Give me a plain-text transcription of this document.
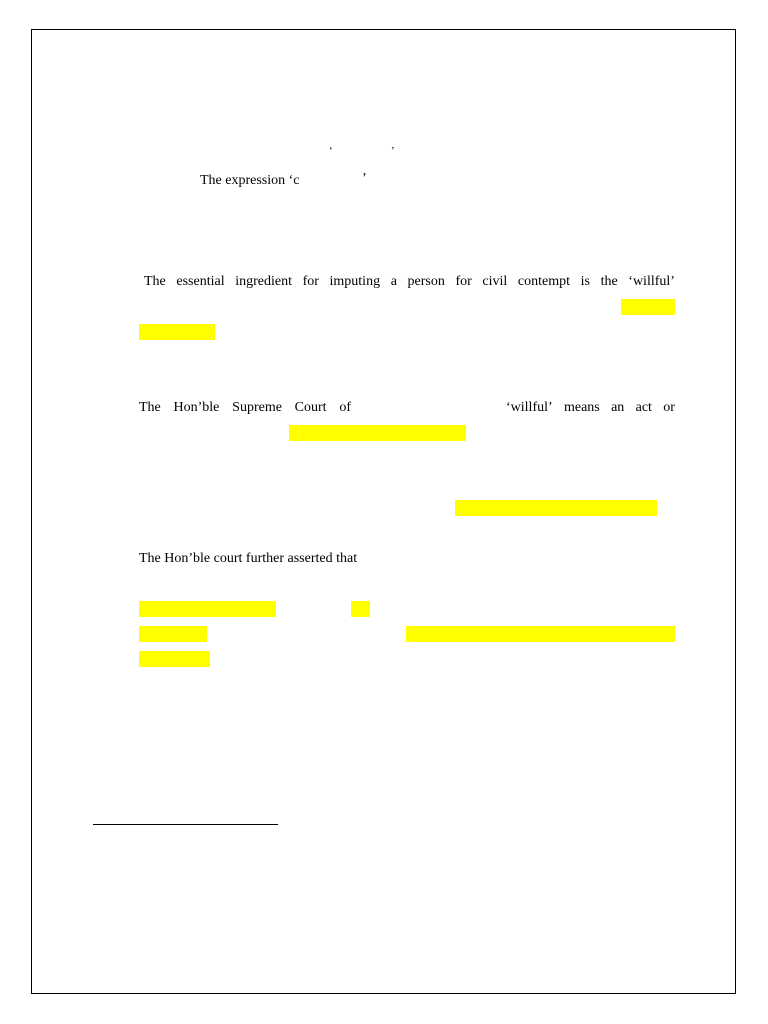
‘	’
The expression ‘c	’
The essential ingredient for imputing a person for civil contempt is the ‘willful’
The Hon’ble Supreme Court of	‘willful’ means an act or
The Hon’ble court further asserted that
